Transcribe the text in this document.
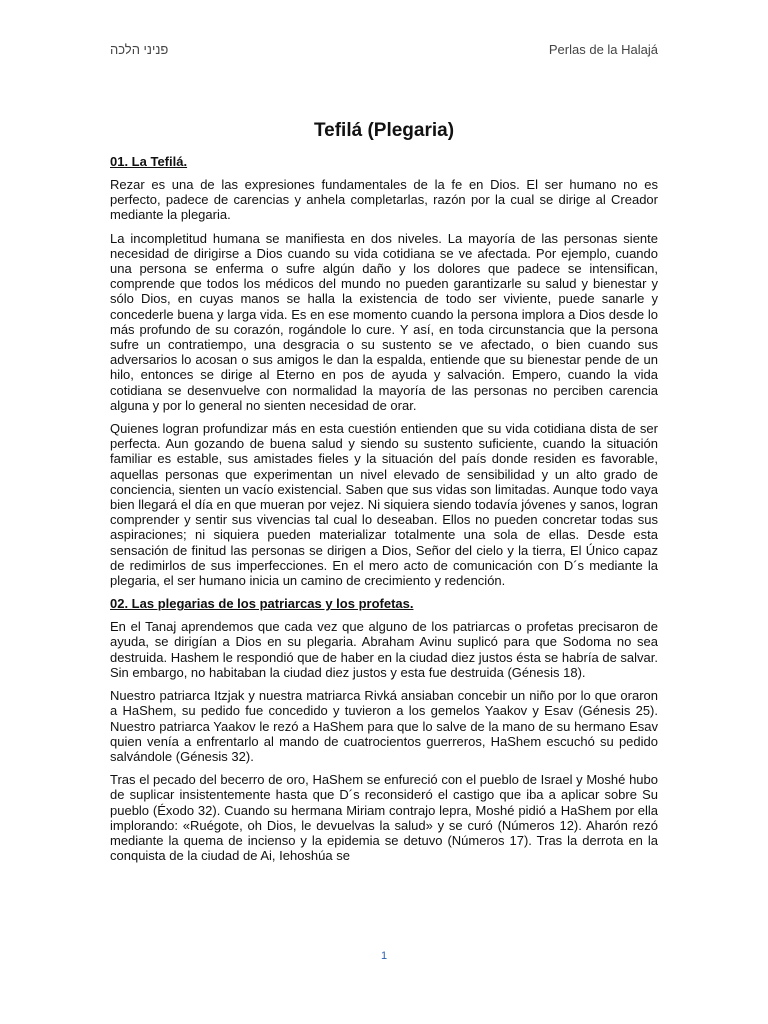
פניני הלכה	Perlas de la Halajá
Tefilá (Plegaria)
01. La Tefilá.

Rezar es una de las expresiones fundamentales de la fe en Dios. El ser humano no es perfecto, padece de carencias y anhela completarlas, razón por la cual se dirige al Creador mediante la plegaria.

La incompletitud humana se manifiesta en dos niveles. La mayoría de las personas siente necesidad de dirigirse a Dios cuando su vida cotidiana se ve afectada. Por ejemplo, cuando una persona se enferma o sufre algún daño y los dolores que padece se intensifican, comprende que todos los médicos del mundo no pueden garantizarle su salud y bienestar y sólo Dios, en cuyas manos se halla la existencia de todo ser viviente, puede sanarle y concederle buena y larga vida. Es en ese momento cuando la persona implora a Dios desde lo más profundo de su corazón, rogándole lo cure. Y así, en toda circunstancia que la persona sufre un contratiempo, una desgracia o su sustento se ve afectado, o bien cuando sus adversarios lo acosan o sus amigos le dan la espalda, entiende que su bienestar pende de un hilo, entonces se dirige al Eterno en pos de ayuda y salvación. Empero, cuando la vida cotidiana se desenvuelve con normalidad la mayoría de las personas no perciben carencia alguna y por lo general no sienten necesidad de orar.

Quienes logran profundizar más en esta cuestión entienden que su vida cotidiana dista de ser perfecta. Aun gozando de buena salud y siendo su sustento suficiente, cuando la situación familiar es estable, sus amistades fieles y la situación del país donde residen es favorable, aquellas personas que experimentan un nivel elevado de sensibilidad y un alto grado de conciencia, sienten un vacío existencial. Saben que sus vidas son limitadas. Aunque todo vaya bien llegará el día en que mueran por vejez. Ni siquiera siendo todavía jóvenes y sanos, logran comprender y sentir sus vivencias tal cual lo deseaban. Ellos no pueden concretar todas sus aspiraciones; ni siquiera pueden materializar totalmente una sola de ellas. Desde esta sensación de finitud las personas se dirigen a Dios, Señor del cielo y la tierra, El Único capaz de redimirlos de sus imperfecciones. En el mero acto de comunicación con D´s mediante la plegaria, el ser humano inicia un camino de crecimiento y redención.

02. Las plegarias de los patriarcas y los profetas.

En el Tanaj aprendemos que cada vez que alguno de los patriarcas o profetas precisaron de ayuda, se dirigían a Dios en su plegaria. Abraham Avinu suplicó para que Sodoma no sea destruida. Hashem le respondió que de haber en la ciudad diez justos ésta se habría de salvar. Sin embargo, no habitaban la ciudad diez justos y esta fue destruida (Génesis 18).

Nuestro patriarca Itzjak y nuestra matriarca Rivká ansiaban concebir un niño por lo que oraron a HaShem, su pedido fue concedido y tuvieron a los gemelos Yaakov y Esav (Génesis 25). Nuestro patriarca Yaakov le rezó a HaShem para que lo salve de la mano de su hermano Esav quien venía a enfrentarlo al mando de cuatrocientos guerreros, HaShem escuchó su pedido salvándole (Génesis 32).

Tras el pecado del becerro de oro, HaShem se enfureció con el pueblo de Israel y Moshé hubo de suplicar insistentemente hasta que D´s reconsideró el castigo que iba a aplicar sobre Su pueblo (Éxodo 32). Cuando su hermana Miriam contrajo lepra, Moshé pidió a HaShem por ella implorando: «Ruégote, oh Dios, le devuelvas la salud» y se curó (Números 12). Aharón rezó mediante la quema de incienso y la epidemia se detuvo (Números 17). Tras la derrota en la conquista de la ciudad de Ai, Iehoshúa se

1
